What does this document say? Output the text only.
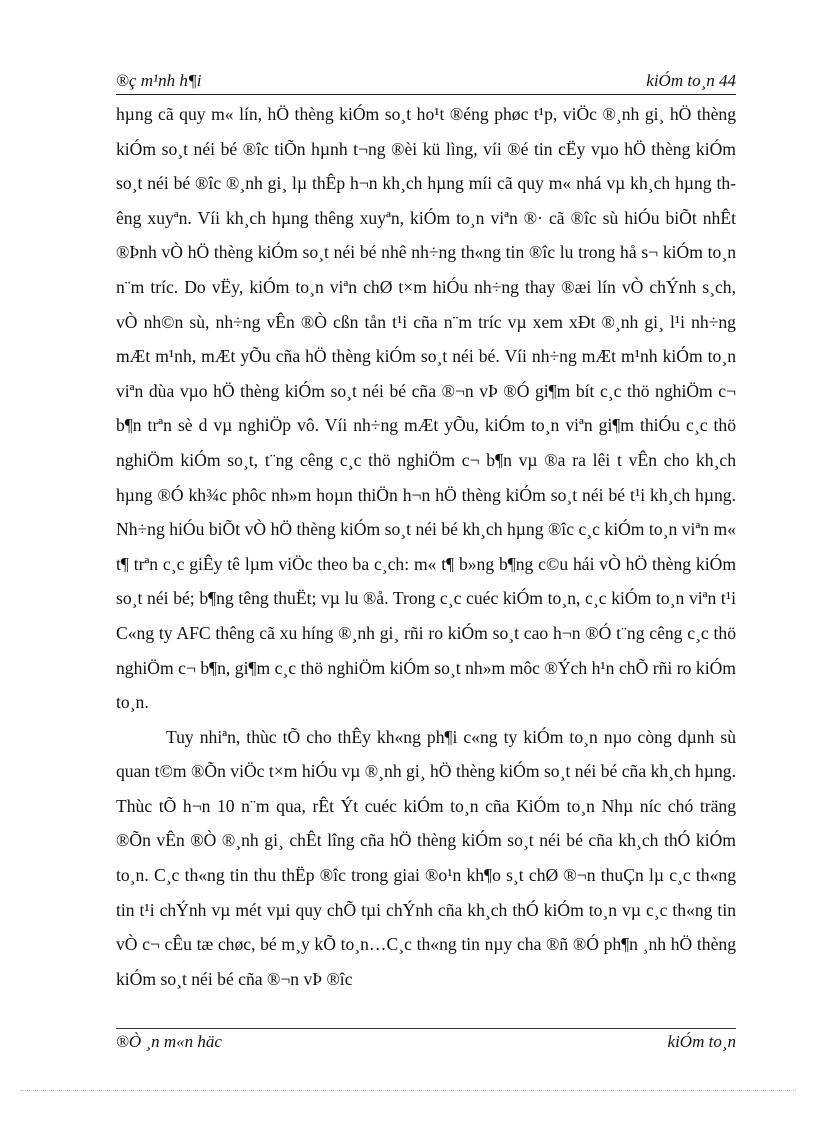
®ç m¹nh h¶i	kiÓm to¸n 44

hµng cã quy m« lín, hÖ thèng kiÓm so¸t ho¹t ®éng phøc t¹p, viÖc ®¸nh gi¸ hÖ thèng kiÓm so¸t néi bé ®îc tiÕn hµnh t¬ng ®èi kü lìng, víi ®é tin cËy vµo hÖ thèng kiÓm so¸t néi bé ®îc ®¸nh gi¸ lµ thÊp h¬n kh¸ch hµng míi cã quy m« nhá vµ kh¸ch hµng thêng xuyªn. Víi kh¸ch hµng thêng xuyªn, kiÓm to¸n viªn ®· cã ®îc sù hiÓu biÕt nhÊt ®Þnh vÒ hÖ thèng kiÓm so¸t néi bé nhê nh÷ng th«ng tin ®îc lu trong hå s¬ kiÓm to¸n n¨m tríc. Do vËy, kiÓm to¸n viªn chØ t×m hiÓu nh÷ng thay ®æi lín vÒ chÝnh s¸ch, vÒ nh©n sù, nh÷ng vÊn ®Ò cßn tån t¹i cña n¨m tríc vµ xem xÐt ®¸nh gi¸ l¹i nh÷ng mÆt m¹nh, mÆt yÕu cña hÖ thèng kiÓm so¸t néi bé. Víi nh÷ng mÆt m¹nh kiÓm to¸n viªn dùa vµo hÖ thèng kiÓm so¸t néi bé cña ®¬n vÞ ®Ó gi¶m bít c¸c thö nghiÖm c¬ b¶n trªn sè d vµ nghiÖp vô. Víi nh÷ng mÆt yÕu, kiÓm to¸n viªn gi¶m thiÓu c¸c thö nghiÖm kiÓm so¸t, t¨ng cêng c¸c thö nghiÖm c¬ b¶n vµ ®a ra lêi t vÊn cho kh¸ch hµng ®Ó kh¾c phôc nh»m hoµn thiÖn h¬n hÖ thèng kiÓm so¸t néi bé t¹i kh¸ch hµng. Nh÷ng hiÓu biÕt vÒ hÖ thèng kiÓm so¸t néi bé kh¸ch hµng ®îc c¸c kiÓm to¸n viªn m« t¶ trªn c¸c giÊy tê lµm viÖc theo ba c¸ch: m« t¶ b»ng b¶ng c©u hái vÒ hÖ thèng kiÓm so¸t néi bé; b¶ng têng thuËt; vµ lu ®å. Trong c¸c cuéc kiÓm to¸n, c¸c kiÓm to¸n viªn t¹i C«ng ty AFC thêng cã xu híng ®¸nh gi¸ rñi ro kiÓm so¸t cao h¬n ®Ó t¨ng cêng c¸c thö nghiÖm c¬ b¶n, gi¶m c¸c thö nghiÖm kiÓm so¸t nh»m môc ®Ých h¹n chÕ rñi ro kiÓm to¸n.

Tuy nhiªn, thùc tÕ cho thÊy kh«ng ph¶i c«ng ty kiÓm to¸n nµo còng dµnh sù quan t©m ®Õn viÖc t×m hiÓu vµ ®¸nh gi¸ hÖ thèng kiÓm so¸t néi bé cña kh¸ch hµng. Thùc tÕ h¬n 10 n¨m qua, rÊt Ýt cuéc kiÓm to¸n cña KiÓm to¸n Nhµ níc chó träng ®Õn vÊn ®Ò ®¸nh gi¸ chÊt lîng cña hÖ thèng kiÓm so¸t néi bé cña kh¸ch thÓ kiÓm to¸n. C¸c th«ng tin thu thËp ®îc trong giai ®o¹n kh¶o s¸t chØ ®¬n thuÇn lµ c¸c th«ng tin t¹i chÝnh vµ mét vµi quy chÕ tµi chÝnh cña kh¸ch thÓ kiÓm to¸n vµ c¸c th«ng tin vÒ c¬ cÊu tæ chøc, bé m¸y kÕ to¸n…C¸c th«ng tin nµy cha ®ñ ®Ó ph¶n ¸nh hÖ thèng kiÓm so¸t néi bé cña ®¬n vÞ ®îc

®Ò ¸n m«n häc	kiÓm to¸n
